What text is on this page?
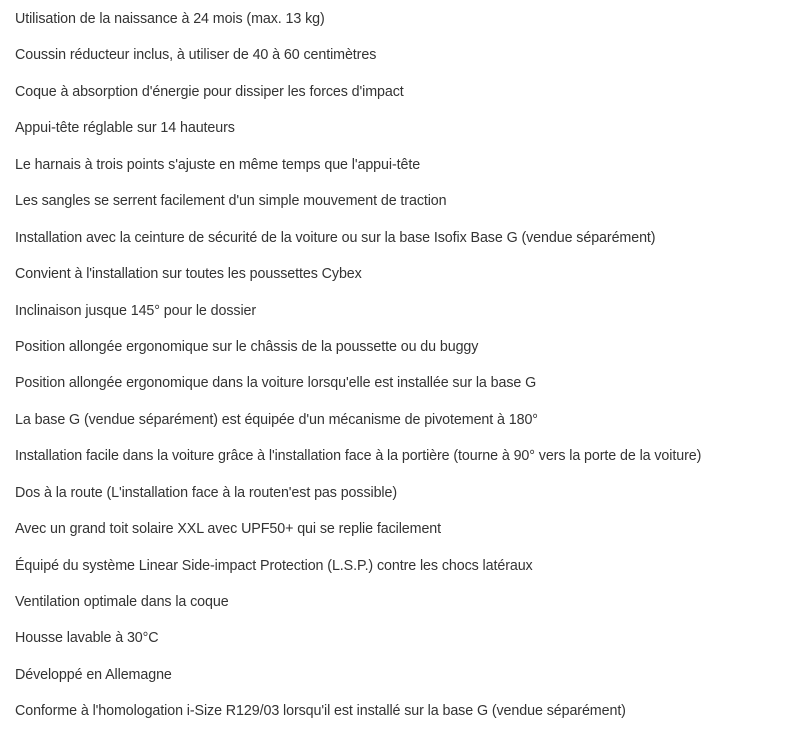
Utilisation de la naissance à 24 mois (max. 13 kg)
Coussin réducteur inclus, à utiliser de 40 à 60 centimètres
Coque à absorption d'énergie pour dissiper les forces d'impact
Appui-tête réglable sur 14 hauteurs
Le harnais à trois points s'ajuste en même temps que l'appui-tête
Les sangles se serrent facilement d'un simple mouvement de traction
Installation avec la ceinture de sécurité de la voiture ou sur la base Isofix Base G (vendue séparément)
Convient à l'installation sur toutes les poussettes Cybex
Inclinaison jusque 145° pour le dossier
Position allongée ergonomique sur le châssis de la poussette ou du buggy
Position allongée ergonomique dans la voiture lorsqu'elle est installée sur la base G
La base G (vendue séparément) est équipée d'un mécanisme de pivotement à 180°
Installation facile dans la voiture grâce à l'installation face à la portière (tourne à 90° vers la porte de la voiture)
Dos à la route (L'installation face à la routen'est pas possible)
Avec un grand toit solaire XXL avec UPF50+ qui se replie facilement
Équipé du système Linear Side-impact Protection (L.S.P.) contre les chocs latéraux
Ventilation optimale dans la coque
Housse lavable à 30°C
Développé en Allemagne
Conforme à l'homologation i-Size R129/03 lorsqu'il est installé sur la base G (vendue séparément)
